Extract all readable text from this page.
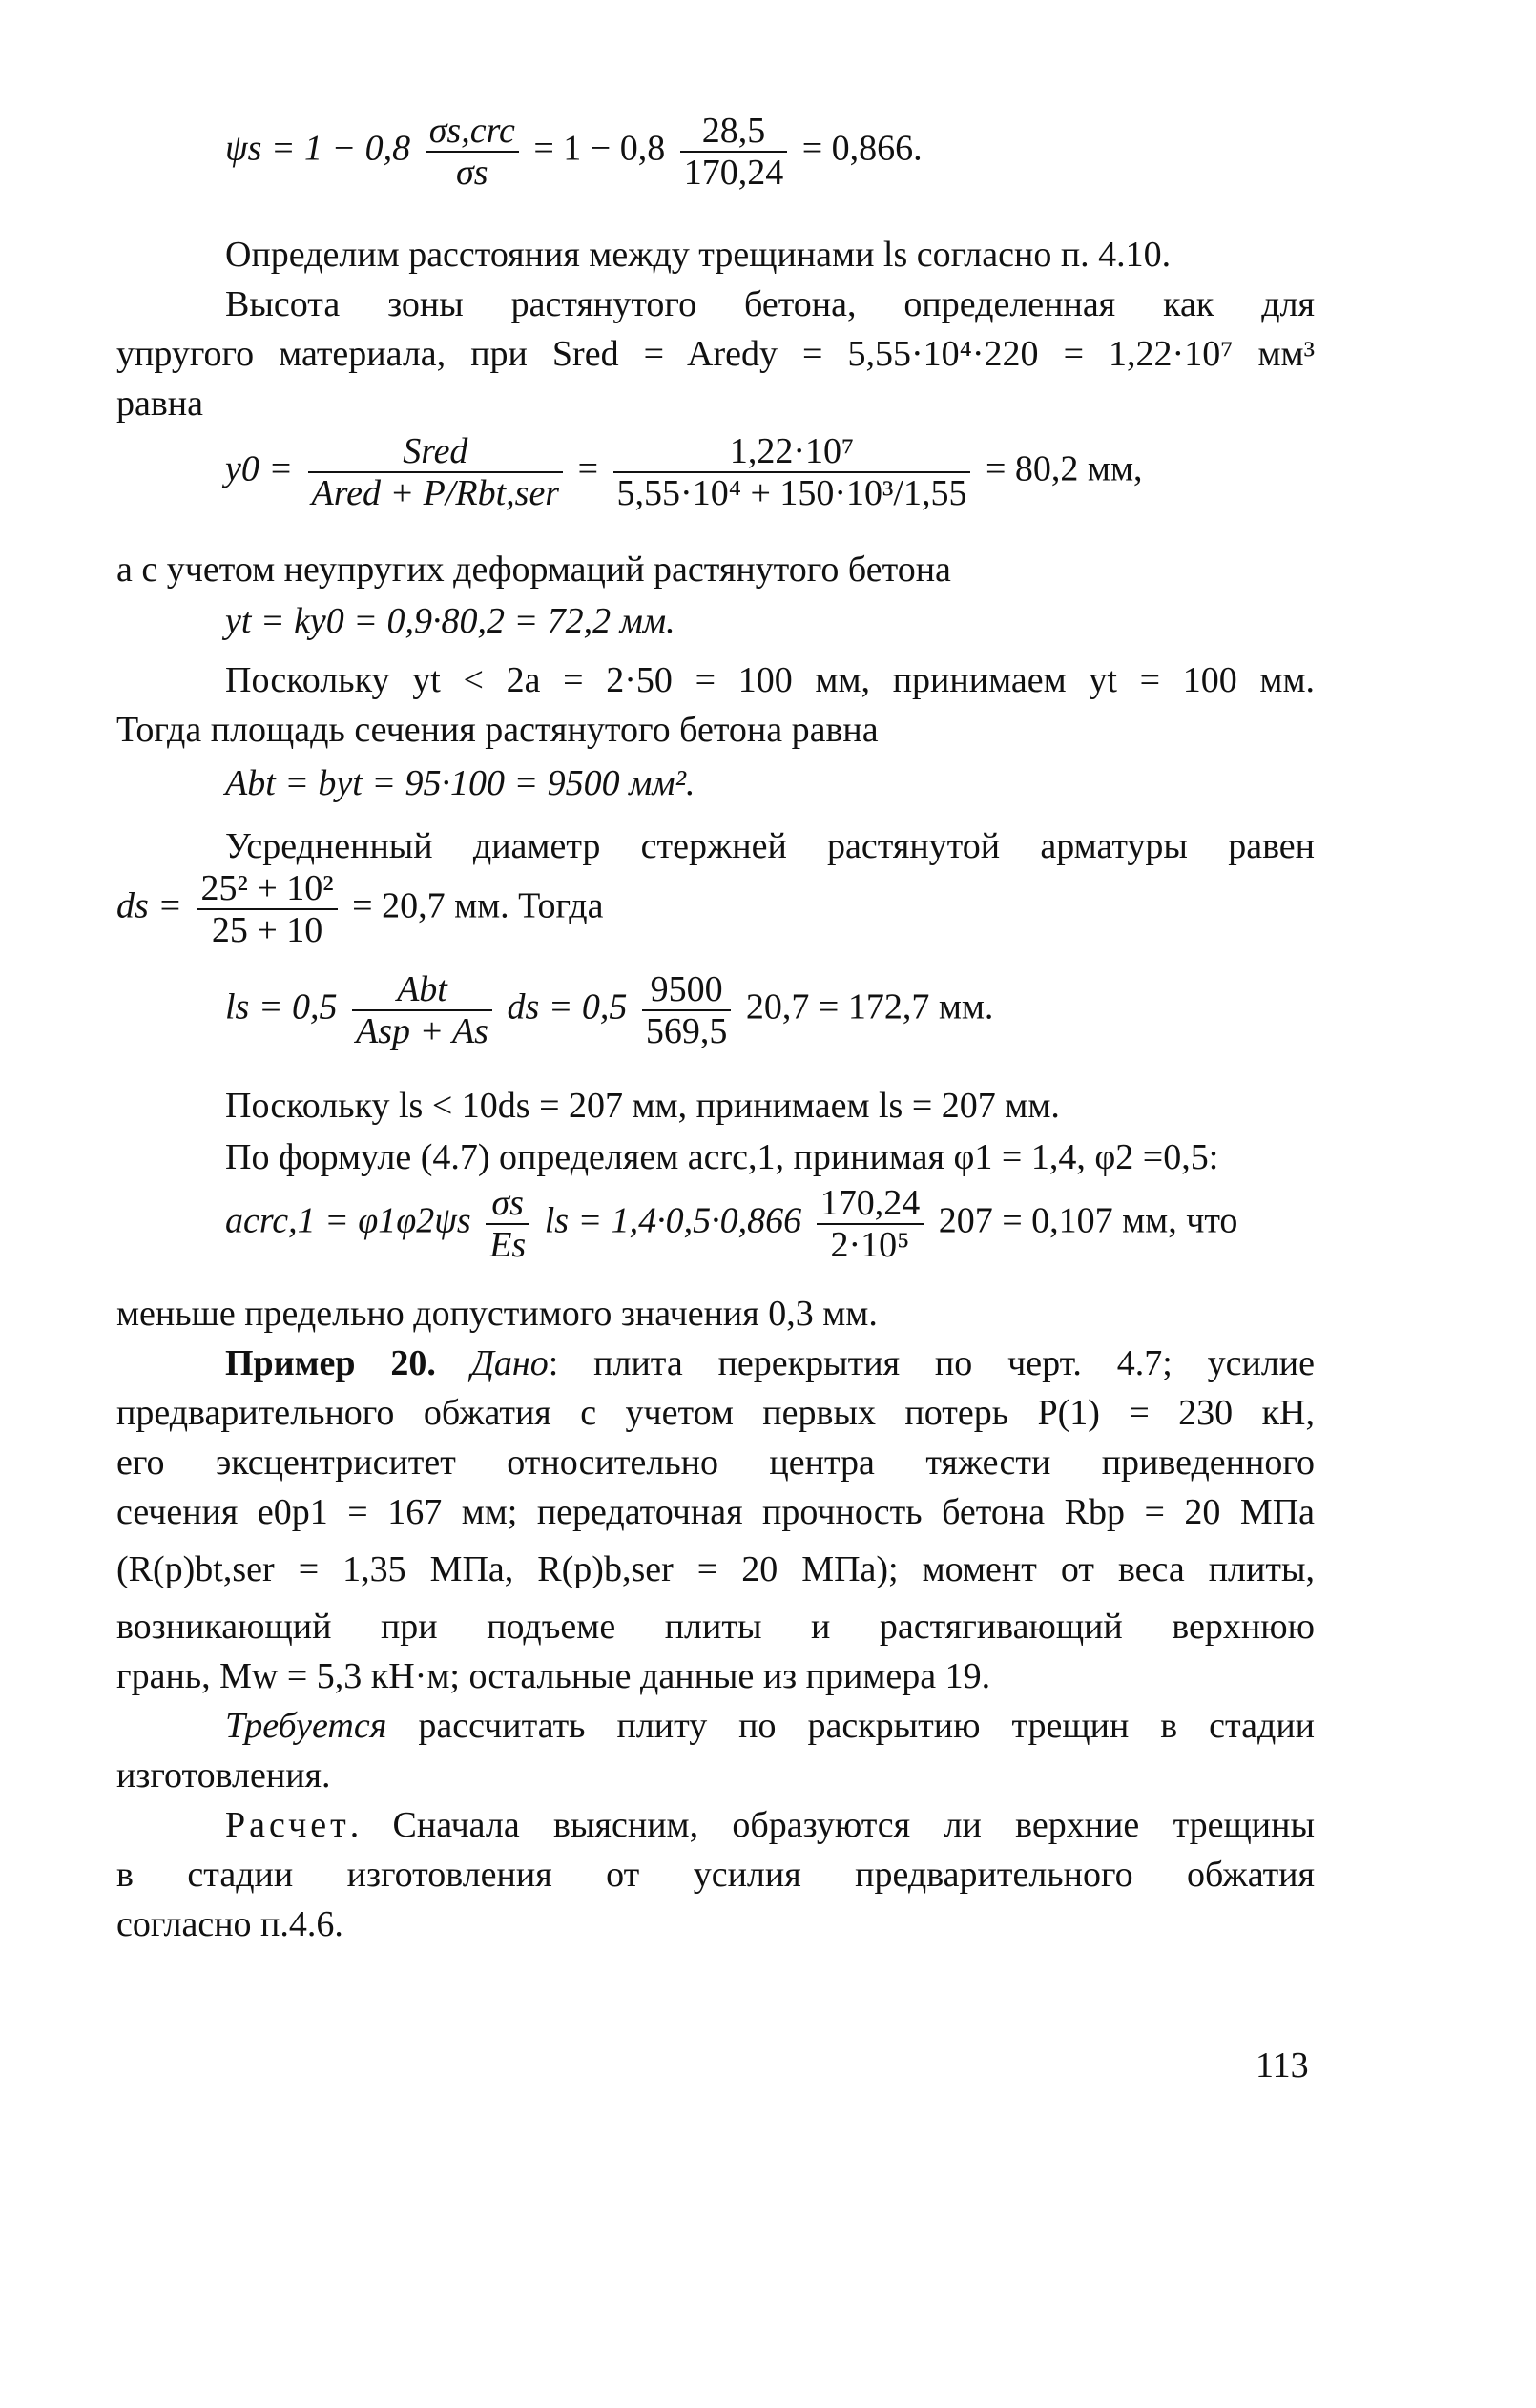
$\psi s = 1 - 0,8 \frac{\text{σs,crc}}{\sigma s} = 1 - 0,8 \frac{28,5}{170,24} = 0,866$.
Определим расстояния между трещинами ls согласно п. 4.10.
Высота зоны растянутого бетона, определенная как для
упругого материала, при Sred = Aredy = 5,55·10⁴·220 = 1,22·10⁷ мм³
равна
$y0 = \frac{\text{Sred}}{\text{Ared + P/Rbt,ser}} = \frac{\text{1,22·10⁷}}{\text{5,55·10⁴ + 150·10³/1,55}} = 80,2$ мм,
а с учетом неупругих деформаций растянутого бетона
yt = ky0 = 0,9·80,2 = 72,2 мм.
Поскольку yt < 2a = 2·50 = 100 мм, принимаем yt = 100 мм.
Тогда площадь сечения растянутого бетона равна
Abt = byt = 95·100 = 9500 мм².
Усредненный диаметр стержней растянутой арматуры равен
ds = $\frac{\text{25² + 10²}}{25 + 10} = 20,7$ мм. Тогда
ls = $0,5 \frac{\text{Abt}}{\text{Asp + As}}$ ds = $0,5 \frac{9500}{569,5} 20,7 = 172,7$ мм.
Поскольку ls < 10ds = 207 мм, принимаем ls = 207 мм.
По формуле (4.7) определяем acrc,1, принимая φ1 = 1,4, φ2 =0,5:
acrc,1 = $\varphi 1\varphi 2\psi s \frac{\sigma s}{Es}$ ls = $1,4\cdot 0,5\cdot 0,866 \frac{170,24}{\text{2·10⁵}} 207 = 0,107$ мм, что
меньше предельно допустимого значения 0,3 мм.
Пример 20. Дано: плита перекрытия по черт. 4.7; усилие
предварительного обжатия с учетом первых потерь P(1) = 230 кН,
его эксцентриситет относительно центра тяжести приведенного
сечения e0p1 = 167 мм; передаточная прочность бетона Rbp = 20 МПа
(R(p)bt,ser = 1,35 МПа, R(p)b,ser = 20 МПа); момент от веса плиты,
возникающий при подъеме плиты и растягивающий верхнюю
грань, Mw = 5,3 кН·м; остальные данные из примера 19.
Требуется рассчитать плиту по раскрытию трещин в стадии
изготовления.
Расчет. Сначала выясним, образуются ли верхние трещины
в стадии изготовления от усилия предварительного обжатия
согласно п.4.6.
113
